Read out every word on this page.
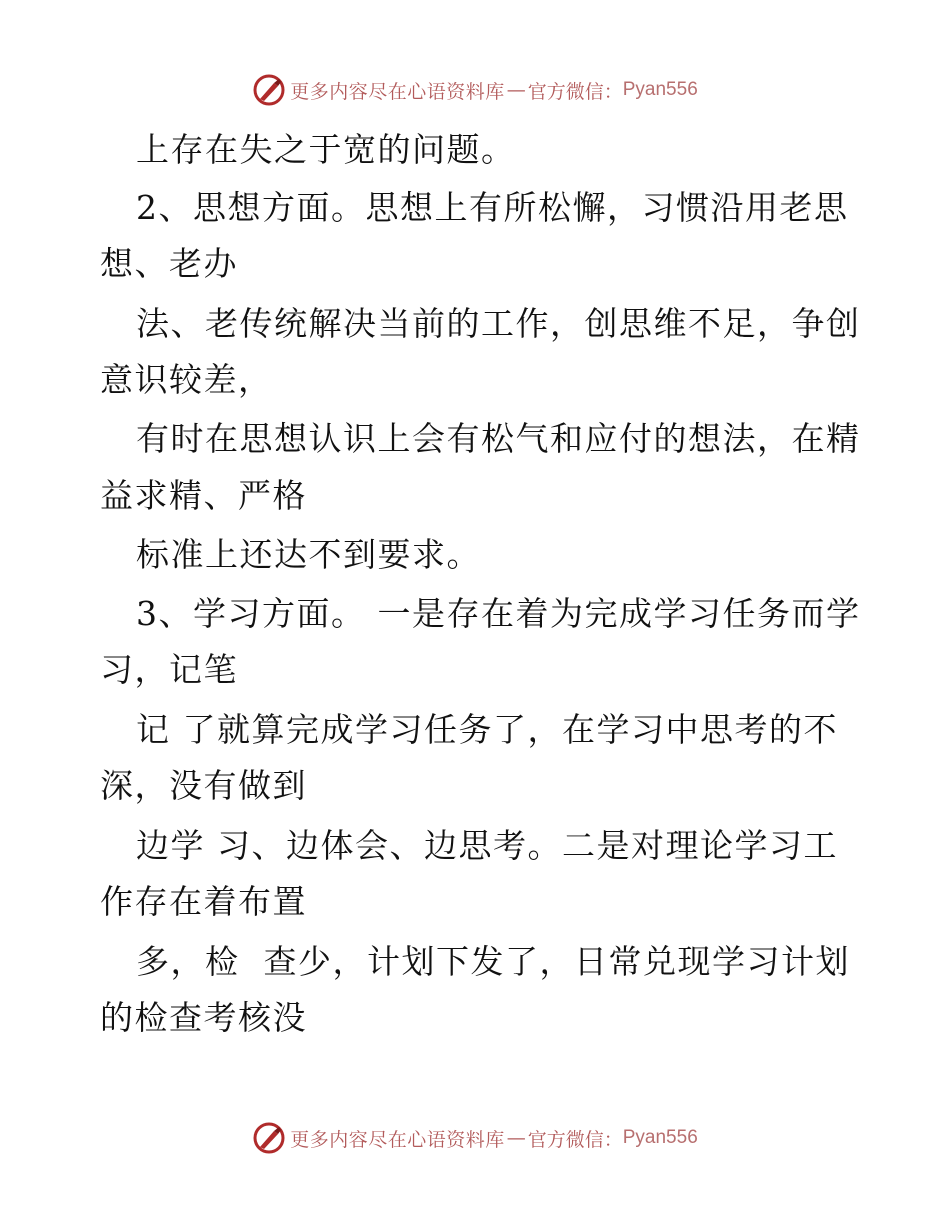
更多内容尽在心语资料库 — 官方微信： Pyan556
上存在失之于宽的问题。
2、思想方面。思想上有所松懈，习惯沿用老思
想、老办
法、老传统解决当前的工作，创思维不足，争创
意识较差，
有时在思想认识上会有松气和应付的想法，在精
益求精、严格
标准上还达不到要求。
3、学习方面。 一是存在着为完成学习任务而学
习，记笔
记 了就算完成学习任务了，在学习中思考的不
深，没有做到
边学 习、边体会、边思考。二是对理论学习工
作存在着布置
多，检  查少，计划下发了，日常兑现学习计划
的检查考核没
更多内容尽在心语资料库 — 官方微信： Pyan556
